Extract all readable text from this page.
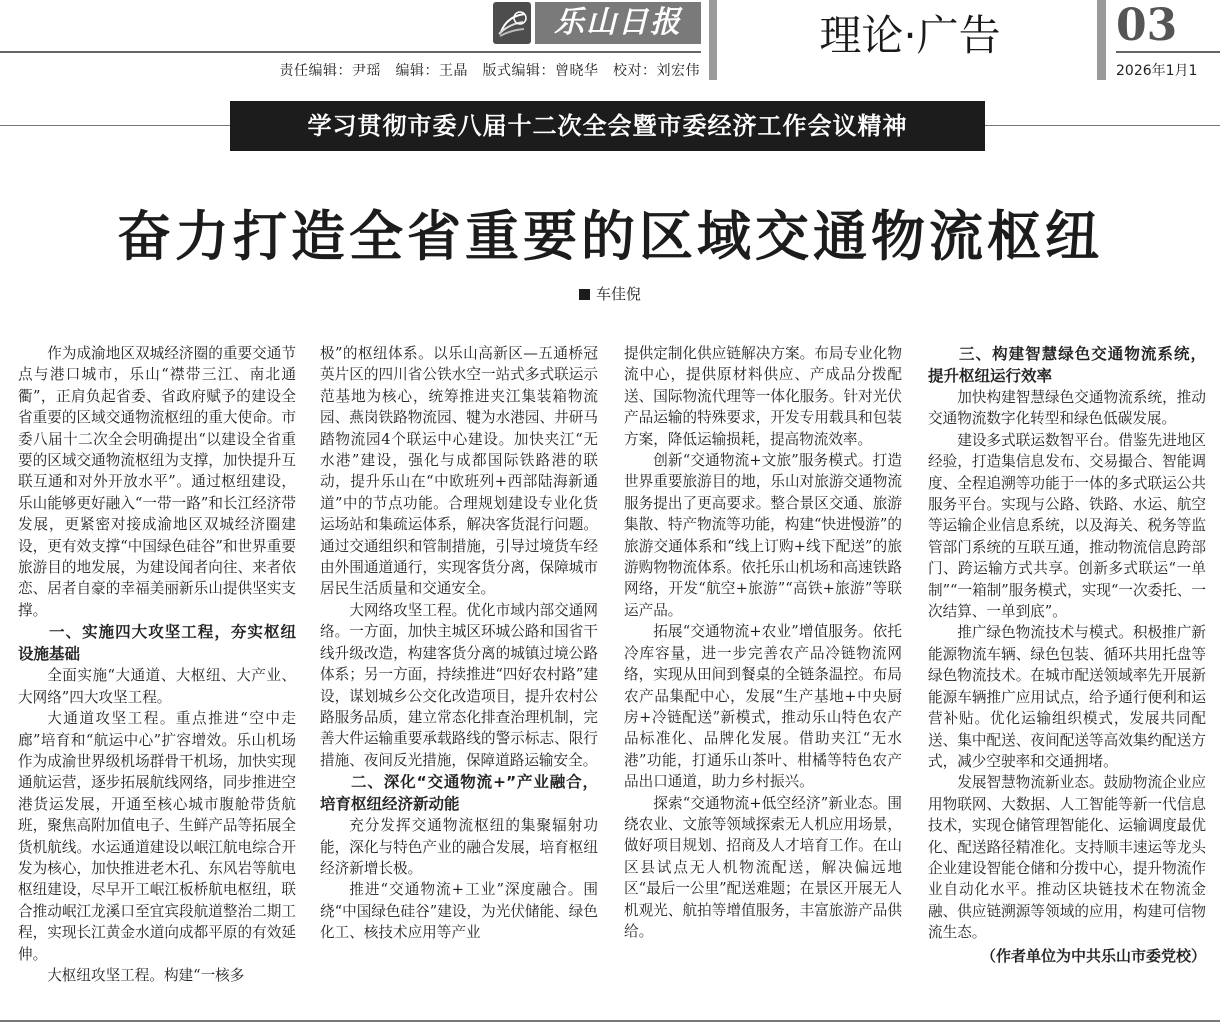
乐山日报
责任编辑：尹瑶　编辑：王晶　版式编辑：曾晓华　校对：刘宏伟
理论·广告	03
2026年1月1
学习贯彻市委八届十二次全会暨市委经济工作会议精神
奋力打造全省重要的区域交通物流枢纽
车佳倪

作为成渝地区双城经济圈的重要交通节点与港口城市，乐山“襟带三江、南北通衢”，正肩负起省委、省政府赋予的建设全省重要的区域交通物流枢纽的重大使命。市委八届十二次全会明确提出“以建设全省重要的区域交通物流枢纽为支撑，加快提升互联互通和对外开放水平”。通过枢纽建设，乐山能够更好融入“一带一路”和长江经济带发展，更紧密对接成渝地区双城经济圈建设，更有效支撑“中国绿色硅谷”和世界重要旅游目的地发展，为建设闻者向往、来者依恋、居者自豪的幸福美丽新乐山提供坚实支撑。

一、实施四大攻坚工程，夯实枢纽设施基础

全面实施“大通道、大枢纽、大产业、大网络”四大攻坚工程。

大通道攻坚工程。重点推进“空中走廊”培育和“航运中心”扩容增效。乐山机场作为成渝世界级机场群骨干机场，加快实现通航运营，逐步拓展航线网络，同步推进空港货运发展，开通至核心城市腹舱带货航班，聚焦高附加值电子、生鲜产品等拓展全货机航线。水运通道建设以岷江航电综合开发为核心，加快推进老木孔、东风岩等航电枢纽建设，尽早开工岷江板桥航电枢纽，联合推动岷江龙溪口至宜宾段航道整治二期工程，实现长江黄金水道向成都平原的有效延伸。

大枢纽攻坚工程。构建“一核多

极”的枢纽体系。以乐山高新区—五通桥冠英片区的四川省公铁水空一站式多式联运示范基地为核心，统筹推进夹江集装箱物流园、燕岗铁路物流园、犍为水港园、井研马踏物流园4个联运中心建设。加快夹江“无水港”建设，强化与成都国际铁路港的联动，提升乐山在“中欧班列+西部陆海新通道”中的节点功能。合理规划建设专业化货运场站和集疏运体系，解决客货混行问题。通过交通组织和管制措施，引导过境货车经由外围通道通行，实现客货分离，保障城市居民生活质量和交通安全。

大网络攻坚工程。优化市域内部交通网络。一方面，加快主城区环城公路和国省干线升级改造，构建客货分离的城镇过境公路体系；另一方面，持续推进“四好农村路”建设，谋划城乡公交化改造项目，提升农村公路服务品质，建立常态化排查治理机制，完善大件运输重要承载路线的警示标志、限行措施、夜间反光措施，保障道路运输安全。

二、深化“交通物流+”产业融合，培育枢纽经济新动能

充分发挥交通物流枢纽的集聚辐射功能，深化与特色产业的融合发展，培育枢纽经济新增长极。

推进“交通物流+工业”深度融合。围绕“中国绿色硅谷”建设，为光伏储能、绿色化工、核技术应用等产业

提供定制化供应链解决方案。布局专业化物流中心，提供原材料供应、产成品分拨配送、国际物流代理等一体化服务。针对光伏产品运输的特殊要求，开发专用载具和包装方案，降低运输损耗，提高物流效率。

创新“交通物流+文旅”服务模式。打造世界重要旅游目的地，乐山对旅游交通物流服务提出了更高要求。整合景区交通、旅游集散、特产物流等功能，构建“快进慢游”的旅游交通体系和“线上订购+线下配送”的旅游购物物流体系。依托乐山机场和高速铁路网络，开发“航空+旅游”“高铁+旅游”等联运产品。

拓展“交通物流+农业”增值服务。依托冷库容量，进一步完善农产品冷链物流网络，实现从田间到餐桌的全链条温控。布局农产品集配中心，发展“生产基地+中央厨房+冷链配送”新模式，推动乐山特色农产品标准化、品牌化发展。借助夹江“无水港”功能，打通乐山茶叶、柑橘等特色农产品出口通道，助力乡村振兴。

探索“交通物流+低空经济”新业态。围绕农业、文旅等领域探索无人机应用场景，做好项目规划、招商及人才培育工作。在山区县试点无人机物流配送，解决偏远地区“最后一公里”配送难题；在景区开展无人机观光、航拍等增值服务，丰富旅游产品供给。

三、构建智慧绿色交通物流系统，提升枢纽运行效率

加快构建智慧绿色交通物流系统，推动交通物流数字化转型和绿色低碳发展。

建设多式联运数智平台。借鉴先进地区经验，打造集信息发布、交易撮合、智能调度、全程追溯等功能于一体的多式联运公共服务平台。实现与公路、铁路、水运、航空等运输企业信息系统，以及海关、税务等监管部门系统的互联互通，推动物流信息跨部门、跨运输方式共享。创新多式联运“一单制”“一箱制”服务模式，实现“一次委托、一次结算、一单到底”。

推广绿色物流技术与模式。积极推广新能源物流车辆、绿色包装、循环共用托盘等绿色物流技术。在城市配送领域率先开展新能源车辆推广应用试点，给予通行便利和运营补贴。优化运输组织模式，发展共同配送、集中配送、夜间配送等高效集约配送方式，减少空驶率和交通拥堵。

发展智慧物流新业态。鼓励物流企业应用物联网、大数据、人工智能等新一代信息技术，实现仓储管理智能化、运输调度最优化、配送路径精准化。支持顺丰速运等龙头企业建设智能仓储和分拨中心，提升物流作业自动化水平。推动区块链技术在物流金融、供应链溯源等领域的应用，构建可信物流生态。

（作者单位为中共乐山市委党校）
